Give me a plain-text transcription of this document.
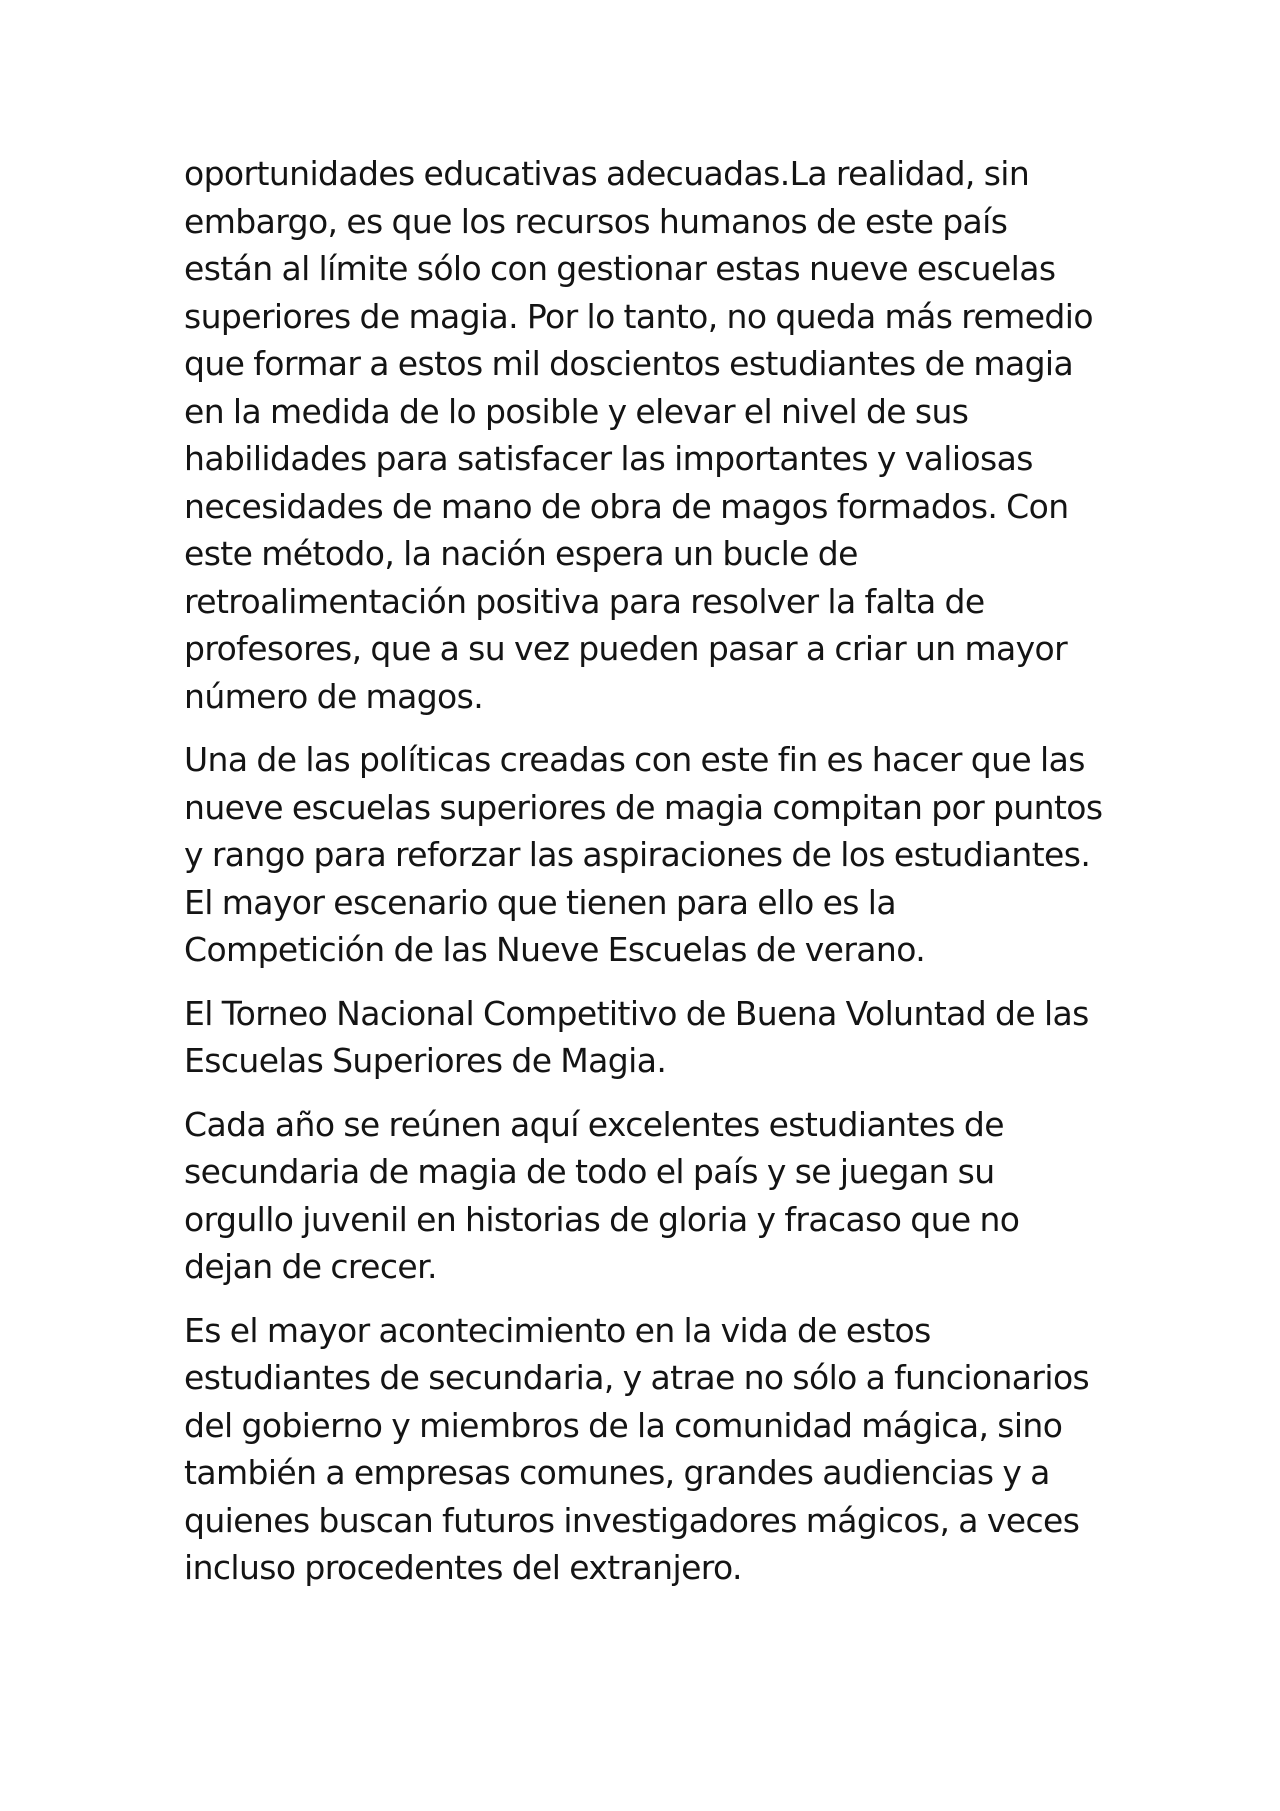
oportunidades educativas adecuadas.La realidad, sin embargo, es que los recursos humanos de este país están al límite sólo con gestionar estas nueve escuelas superiores de magia. Por lo tanto, no queda más remedio que formar a estos mil doscientos estudiantes de magia en la medida de lo posible y elevar el nivel de sus habilidades para satisfacer las importantes y valiosas necesidades de mano de obra de magos formados. Con este método, la nación espera un bucle de retroalimentación positiva para resolver la falta de profesores, que a su vez pueden pasar a criar un mayor número de magos.

Una de las políticas creadas con este fin es hacer que las nueve escuelas superiores de magia compitan por puntos y rango para reforzar las aspiraciones de los estudiantes. El mayor escenario que tienen para ello es la Competición de las Nueve Escuelas de verano.

El Torneo Nacional Competitivo de Buena Voluntad de las Escuelas Superiores de Magia.

Cada año se reúnen aquí excelentes estudiantes de secundaria de magia de todo el país y se juegan su orgullo juvenil en historias de gloria y fracaso que no dejan de crecer.

Es el mayor acontecimiento en la vida de estos estudiantes de secundaria, y atrae no sólo a funcionarios del gobierno y miembros de la comunidad mágica, sino también a empresas comunes, grandes audiencias y a quienes buscan futuros investigadores mágicos, a veces incluso procedentes del extranjero.
